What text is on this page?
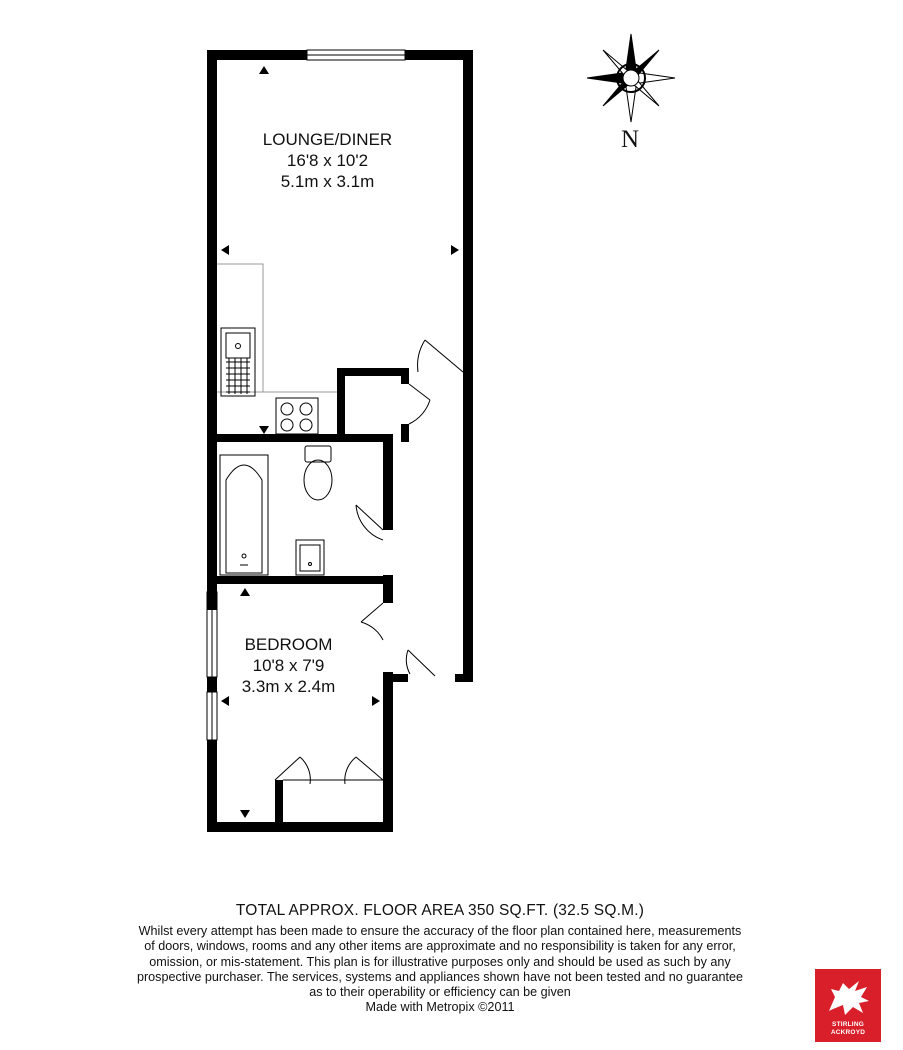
LOUNGE/DINER
16'8 x 10'2
5.1m x 3.1m
BEDROOM
10'8 x 7'9
3.3m x 2.4m
N
TOTAL APPROX. FLOOR AREA 350 SQ.FT. (32.5 SQ.M.)
Whilst every attempt has been made to ensure the accuracy of the floor plan contained here, measurements
of doors, windows, rooms and any other items are approximate and no responsibility is taken for any error,
omission, or mis-statement. This plan is for illustrative purposes only and should be used as such by any
prospective purchaser. The services, systems and appliances shown have not been tested and no guarantee
as to their operability or efficiency can be given
Made with Metropix ©2011
STIRLING
ACKROYD
